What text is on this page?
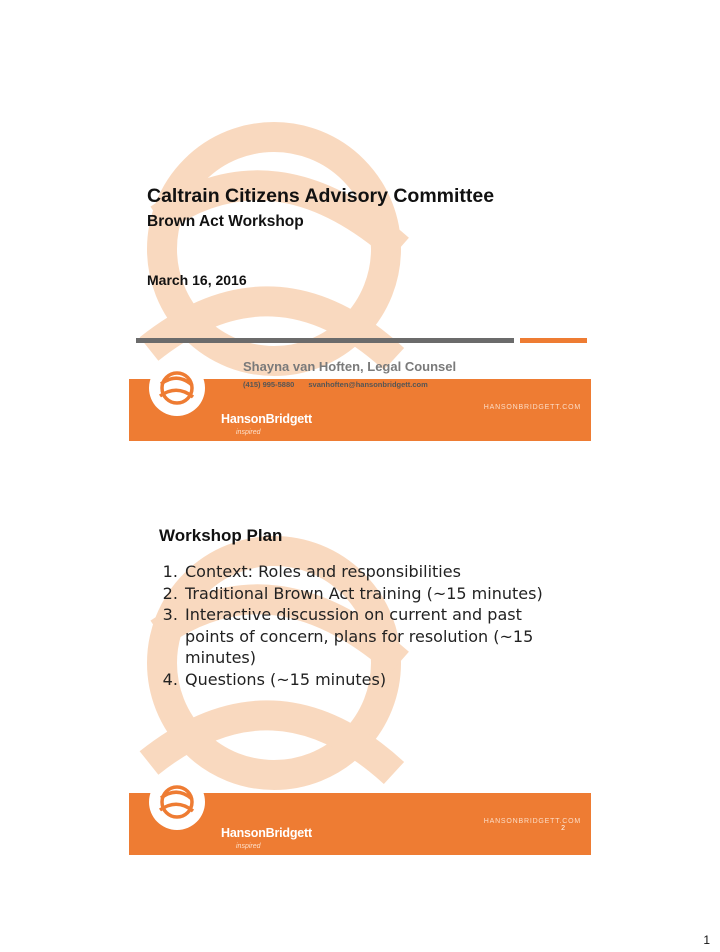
Caltrain Citizens Advisory Committee
Brown Act Workshop
March 16, 2016
HANSONBRIDGETT.COM
HansonBridgett
inspired
Shayna van Hoften, Legal Counsel
(415) 995-5880 svanhoften@hansonbridgett.com
Workshop Plan
1. Context: Roles and responsibilities
2. Traditional Brown Act training (~15 minutes)
3. Interactive discussion on current and past points of concern, plans for resolution (~15 minutes)
4. Questions (~15 minutes)
HANSONBRIDGETT.COM
2
HansonBridgett
inspired
1
